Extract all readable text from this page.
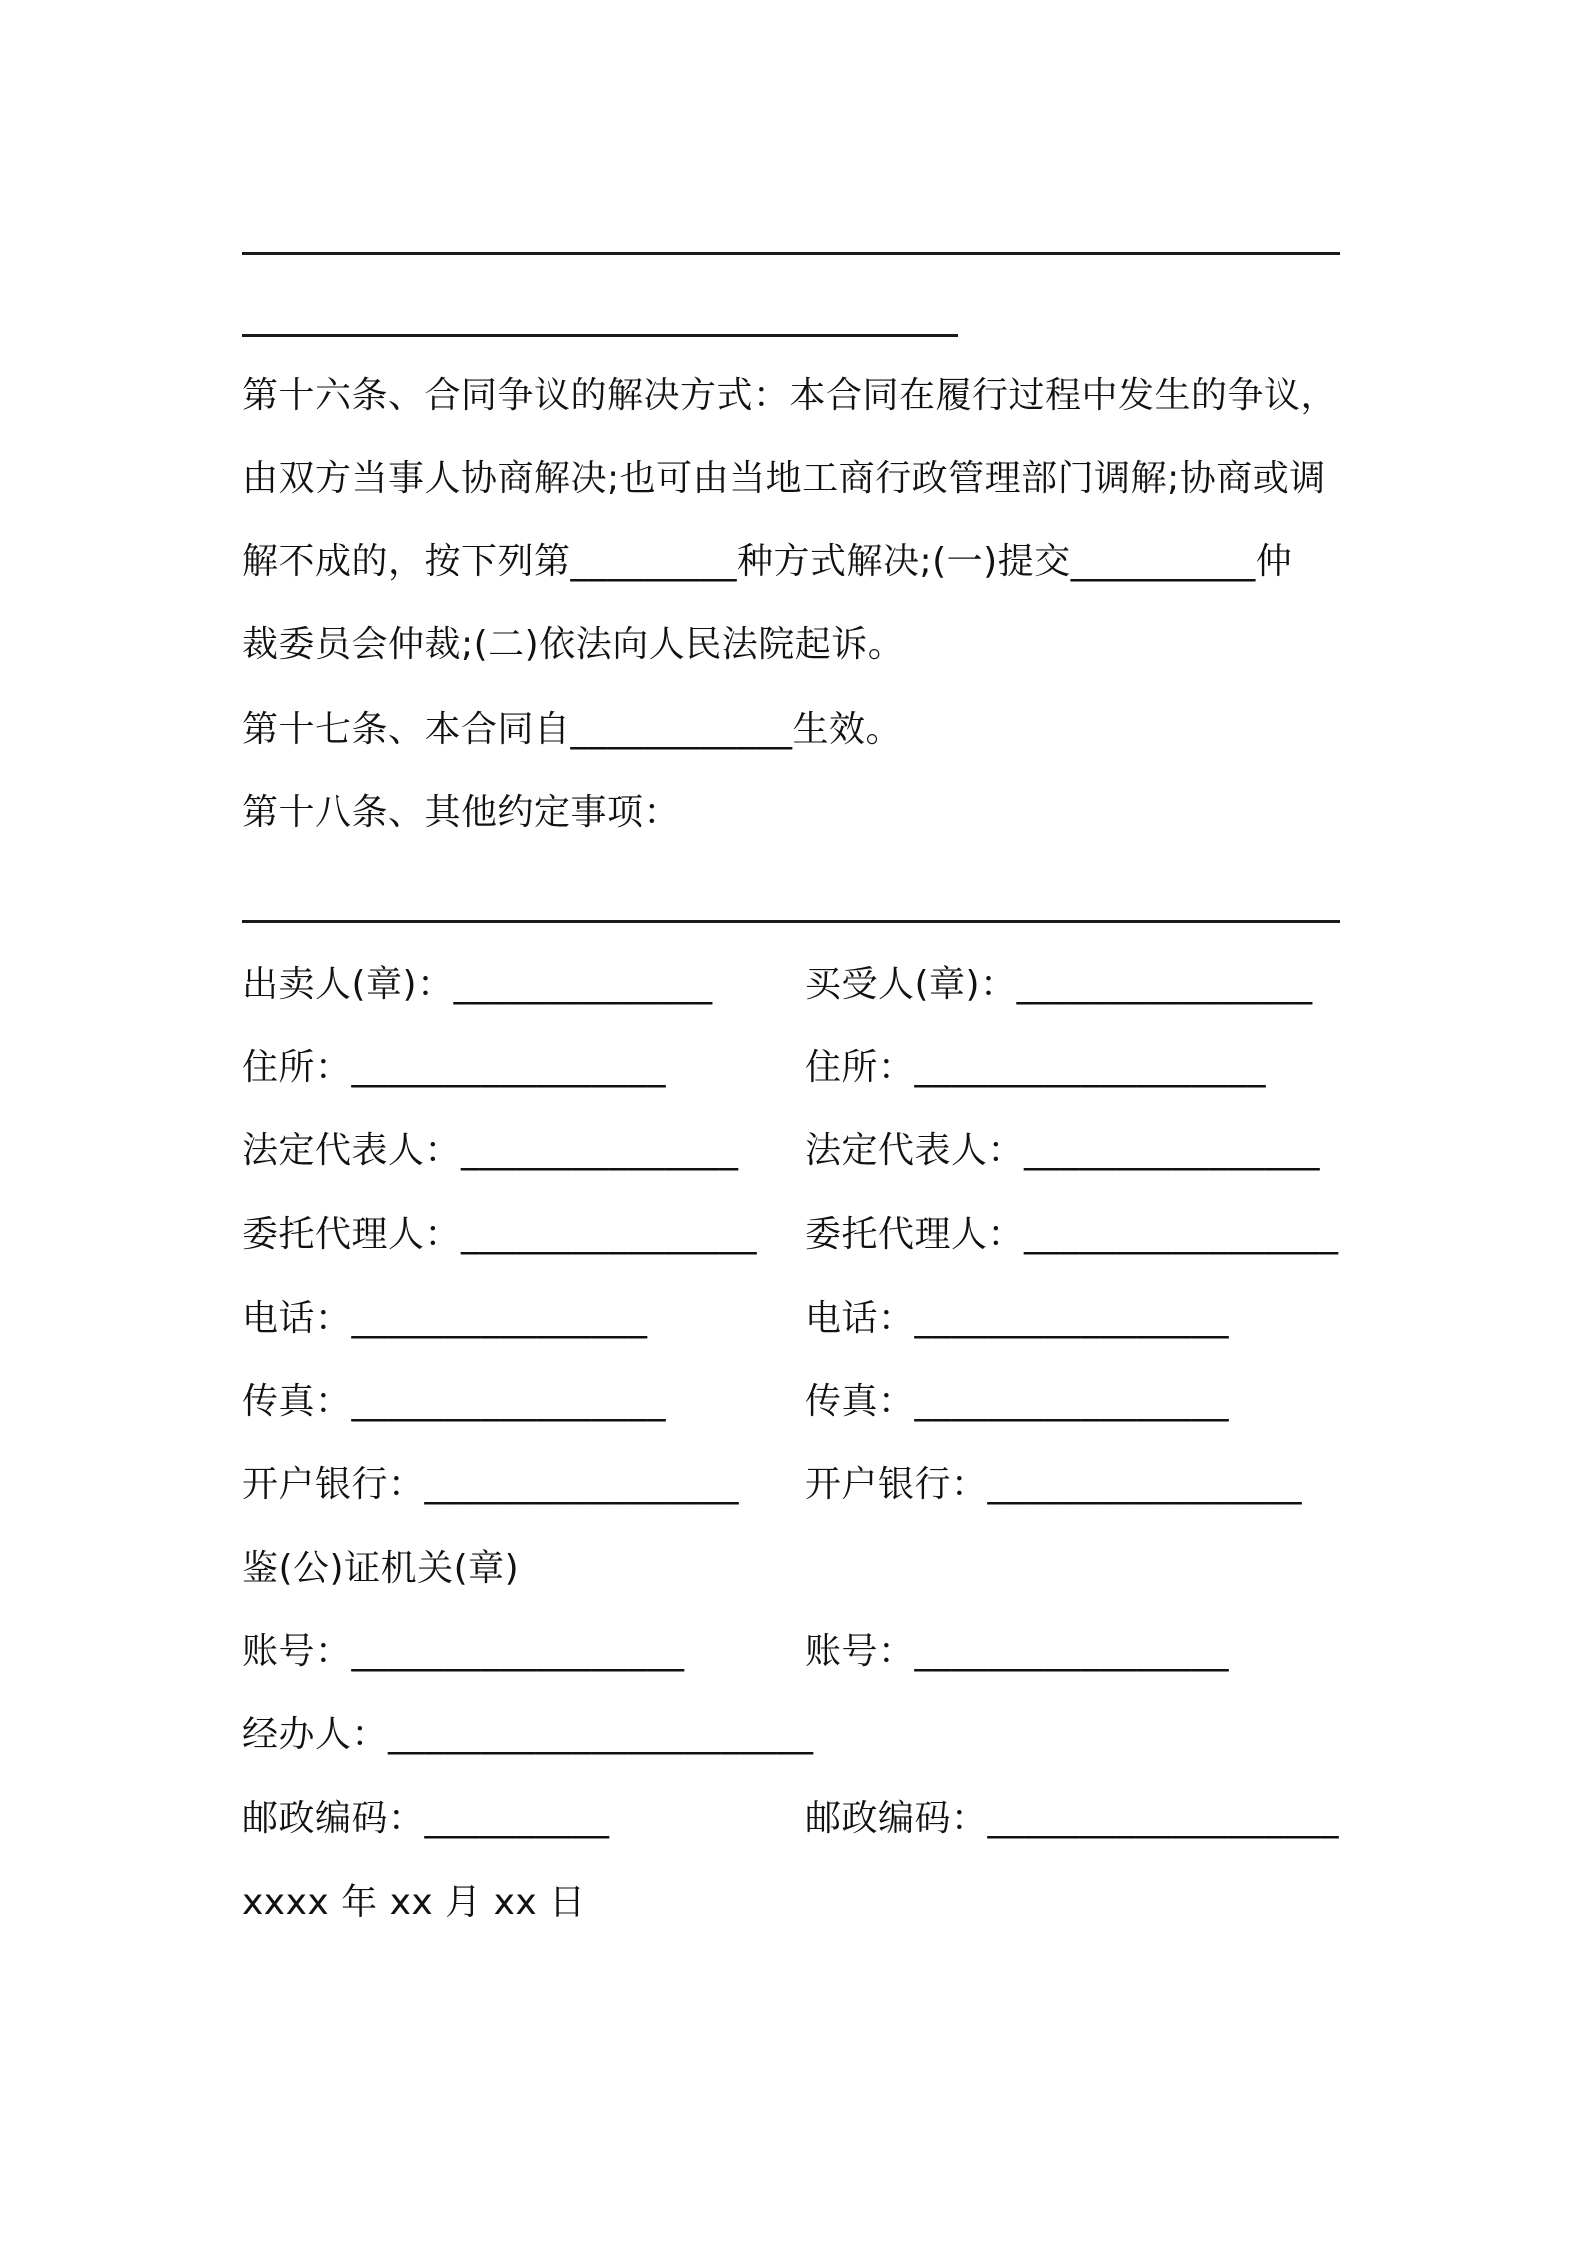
第十六条、合同争议的解决方式：本合同在履行过程中发生的争议，
由双方当事人协商解决;也可由当地工商行政管理部门调解;协商或调
解不成的，按下列第_________种方式解决;(一)提交__________仲
裁委员会仲裁;(二)依法向人民法院起诉。
第十七条、本合同自____________生效。
第十八条、其他约定事项：
出卖人(章)：______________	买受人(章)：________________
住所：_________________	住所：___________________
法定代表人：_______________ 法定代表人：________________
委托代理人：________________ 委托代理人：_________________
电话：________________	电话：_________________
传真：_________________	传真：_________________
开户银行：_________________ 开户银行：_________________
鉴(公)证机关(章)
账号：__________________	账号：_________________
经办人：_______________________
邮政编码：__________	邮政编码：___________________
xxxx 年 xx 月 xx 日
